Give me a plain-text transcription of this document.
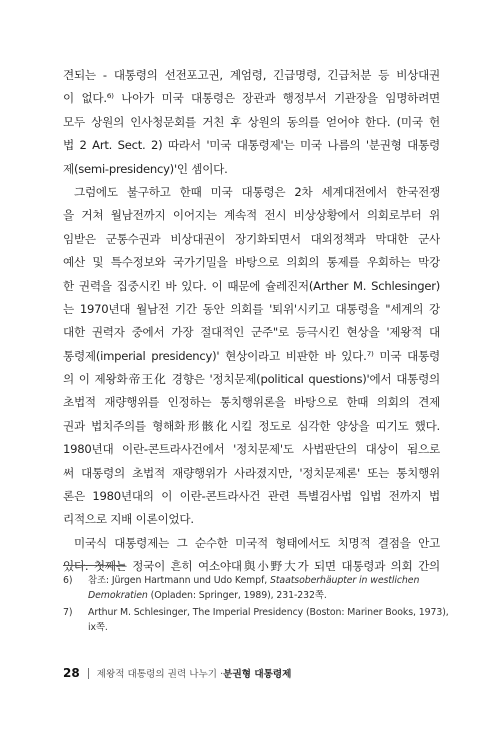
견되는 - 대통령의 선전포고권, 계엄령, 긴급명령, 긴급처분 등 비상대권
이 없다.⁶⁾ 나아가 미국 대통령은 장관과 행정부서 기관장을 임명하려면
모두 상원의 인사청문회를 거친 후 상원의 동의를 얻어야 한다. (미국 헌
법 2 Art. Sect. 2) 따라서 '미국 대통령제'는 미국 나름의 '분권형 대통령
제(semi-presidency)'인 셈이다.
그럼에도 불구하고 한때 미국 대통령은 2차 세계대전에서 한국전쟁
을 거쳐 월남전까지 이어지는 계속적 전시 비상상황에서 의회로부터 위
임받은 군통수권과 비상대권이 장기화되면서 대외정책과 막대한 군사
예산 및 특수정보와 국가기밀을 바탕으로 의회의 통제를 우회하는 막강
한 권력을 집중시킨 바 있다. 이 때문에 슐레진저(Arther M. Schlesinger)
는 1970년대 월남전 기간 동안 의회를 '퇴위'시키고 대통령을 "세계의 강
대한 권력자 중에서 가장 절대적인 군주"로 등극시킨 현상을 '제왕적 대
통령제(imperial presidency)' 현상이라고 비판한 바 있다.⁷⁾ 미국 대통령
의 이 제왕화帝王化 경향은 '정치문제(political questions)'에서 대통령의
초법적 재량행위를 인정하는 통치행위론을 바탕으로 한때 의회의 견제
권과 법치주의를 형해화形骸化시킬 정도로 심각한 양상을 띠기도 했다.
1980년대 이란-콘트라사건에서 '정치문제'도 사법판단의 대상이 됨으로
써 대통령의 초법적 재량행위가 사라졌지만, '정치문제론' 또는 통치행위
론은 1980년대의 이 이란-콘트라사건 관련 특별검사법 입법 전까지 법
리적으로 지배 이론이었다.
미국식 대통령제는 그 순수한 미국적 형태에서도 치명적 결점을 안고
있다. 첫째는 정국이 흔히 여소야대與小野大가 되면 대통령과 의회 간의
6)	참조: Jürgen Hartmann und Udo Kempf, Staatsoberhäupter in westlichen
Demokratien (Opladen: Springer, 1989), 231-232쪽.
7)	Arthur M. Schlesinger, The Imperial Presidency (Boston: Mariner Books, 1973),
ix쪽.
28 제왕적 대통령의 권력 나누기 · 분권형 대통령제
